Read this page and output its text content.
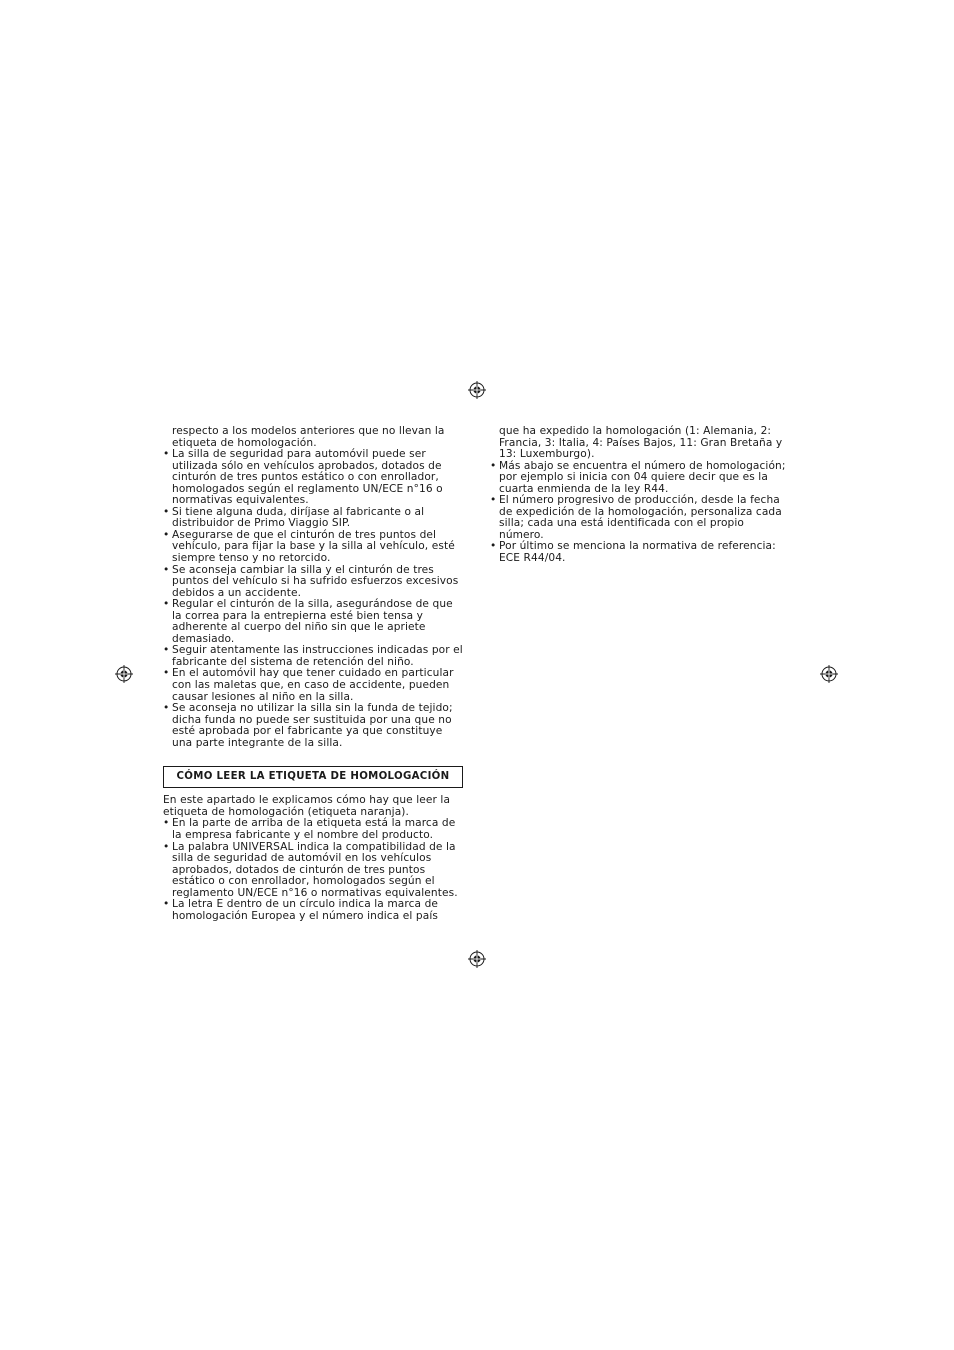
respecto a los modelos anteriores que no llevan la etiqueta de homologación.
• La silla de seguridad para automóvil puede ser utilizada sólo en vehículos aprobados, dotados de cinturón de tres puntos estático o con enrollador, homologados según el reglamento UN/ECE n°16 o normativas equivalentes.
• Si tiene alguna duda, diríjase al fabricante o al distribuidor de Primo Viaggio SIP.
• Asegurarse de que el cinturón de tres puntos del vehículo, para fijar la base y la silla al vehículo, esté siempre tenso y no retorcido.
• Se aconseja cambiar la silla y el cinturón de tres puntos del vehículo si ha sufrido esfuerzos excesivos debidos a un accidente.
• Regular el cinturón de la silla, asegurándose de que la correa para la entrepierna esté bien tensa y adherente al cuerpo del niño sin que le apriete demasiado.
• Seguir atentamente las instrucciones indicadas por el fabricante del sistema de retención del niño.
• En el automóvil hay que tener cuidado en particular con las maletas que, en caso de accidente, pueden causar lesiones al niño en la silla.
• Se aconseja no utilizar la silla sin la funda de tejido; dicha funda no puede ser sustituida por una que no esté aprobada por el fabricante ya que constituye una parte integrante de la silla.
CÓMO LEER LA ETIQUETA DE HOMOLOGACIÓN
En este apartado le explicamos cómo hay que leer la etiqueta de homologación (etiqueta naranja).
• En la parte de arriba de la etiqueta está la marca de la empresa fabricante y el nombre del producto.
• La palabra UNIVERSAL indica la compatibilidad de la silla de seguridad de automóvil en los vehículos aprobados, dotados de cinturón de tres puntos estático o con enrollador, homologados según el reglamento UN/ECE n°16 o normativas equivalentes.
• La letra E dentro de un círculo indica la marca de homologación Europea y el número indica el país
que ha expedido la homologación (1: Alemania, 2: Francia, 3: Italia, 4: Países Bajos, 11: Gran Bretaña y 13: Luxemburgo).
• Más abajo se encuentra el número de homologación; por ejemplo si inicia con 04 quiere decir que es la cuarta enmienda de la ley R44.
• El número progresivo de producción, desde la fecha de expedición de la homologación, personaliza cada silla; cada una está identificada con el propio número.
• Por último se menciona la normativa de referencia: ECE R44/04.
